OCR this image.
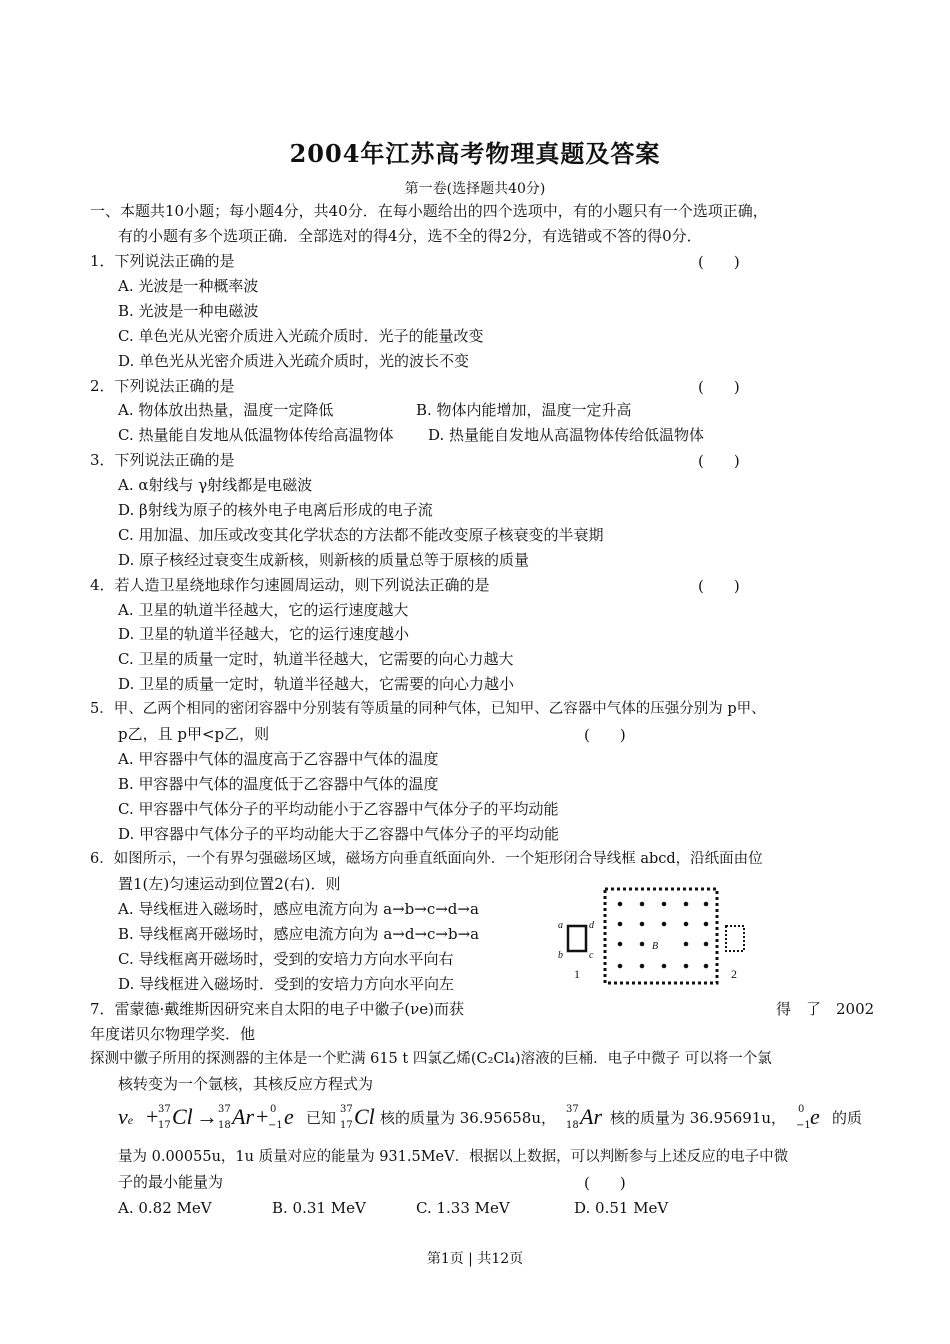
2004年江苏高考物理真题及答案
第一卷(选择题共40分)
一、本题共10小题；每小题4分，共40分．在每小题给出的四个选项中，有的小题只有一个选项正确，
有的小题有多个选项正确．全部选对的得4分，选不全的得2分，有选错或不答的得0分．
1．下列说法正确的是	(　　)
A. 光波是一种概率波
B. 光波是一种电磁波
C. 单色光从光密介质进入光疏介质时．光子的能量改变
D. 单色光从光密介质进入光疏介质时，光的波长不变
2．下列说法正确的是	(　　)
A. 物体放出热量，温度一定降低	B. 物体内能增加，温度一定升高
C. 热量能自发地从低温物体传给高温物体 D. 热量能自发地从高温物体传给低温物体
3．下列说法正确的是	(　　)
A. α射线与 γ射线都是电磁波
D. β射线为原子的核外电子电离后形成的电子流
C. 用加温、加压或改变其化学状态的方法都不能改变原子核衰变的半衰期
D. 原子核经过衰变生成新核，则新核的质量总等于原核的质量
4．若人造卫星绕地球作匀速圆周运动，则下列说法正确的是	(　　)
A. 卫星的轨道半径越大，它的运行速度越大
D. 卫星的轨道半径越大，它的运行速度越小
C. 卫星的质量一定时，轨道半径越大，它需要的向心力越大
D. 卫星的质量一定时，轨道半径越大，它需要的向心力越小
5．甲、乙两个相同的密闭容器中分别装有等质量的同种气体，已知甲、乙容器中气体的压强分别为 p甲、
p乙，且 p甲<p乙，则	(　　)
A. 甲容器中气体的温度高于乙容器中气体的温度
B. 甲容器中气体的温度低于乙容器中气体的温度
C. 甲容器中气体分子的平均动能小于乙容器中气体分子的平均动能
D. 甲容器中气体分子的平均动能大于乙容器中气体分子的平均动能
6．如图所示，一个有界匀强磁场区域，磁场方向垂直纸面向外．一个矩形闭合导线框 abcd，沿纸面由位
置1(左)匀速运动到位置2(右)．则
A. 导线框进入磁场时，感应电流方向为 a→b→c→d→a
B. 导线框离开磁场时，感应电流方向为 a→d→c→b→a
C. 导线框离开磁场时，受到的安培力方向水平向右
D. 导线框进入磁场时．受到的安培力方向水平向左
a	d
b	c
B
1	2
7．雷蒙德·戴维斯因研究来自太阳的电子中徽子(νe)而获	得　了　2002
年度诺贝尔物理学奖．他
探测中徽子所用的探测器的主体是一个贮满 615 t 四氯乙烯(C₂Cl₄)溶液的巨桶．电子中微子 可以将一个氯
核转变为一个氩核，其核反应方程式为
νe + 37
17 Cl → 37
18 Ar + 0
−1 e 已知 37
17 Cl 核的质量为 36.95658u， 37
18 Ar 核的质量为 36.95691u， 0
−1 e 的质
量为 0.00055u，1u 质量对应的能量为 931.5MeV．根据以上数据，可以判断参与上述反应的电子中微
子的最小能量为	(　　)
A. 0.82 MeV	B. 0.31 MeV	C. 1.33 MeV	D. 0.51 MeV
第1页 | 共12页
